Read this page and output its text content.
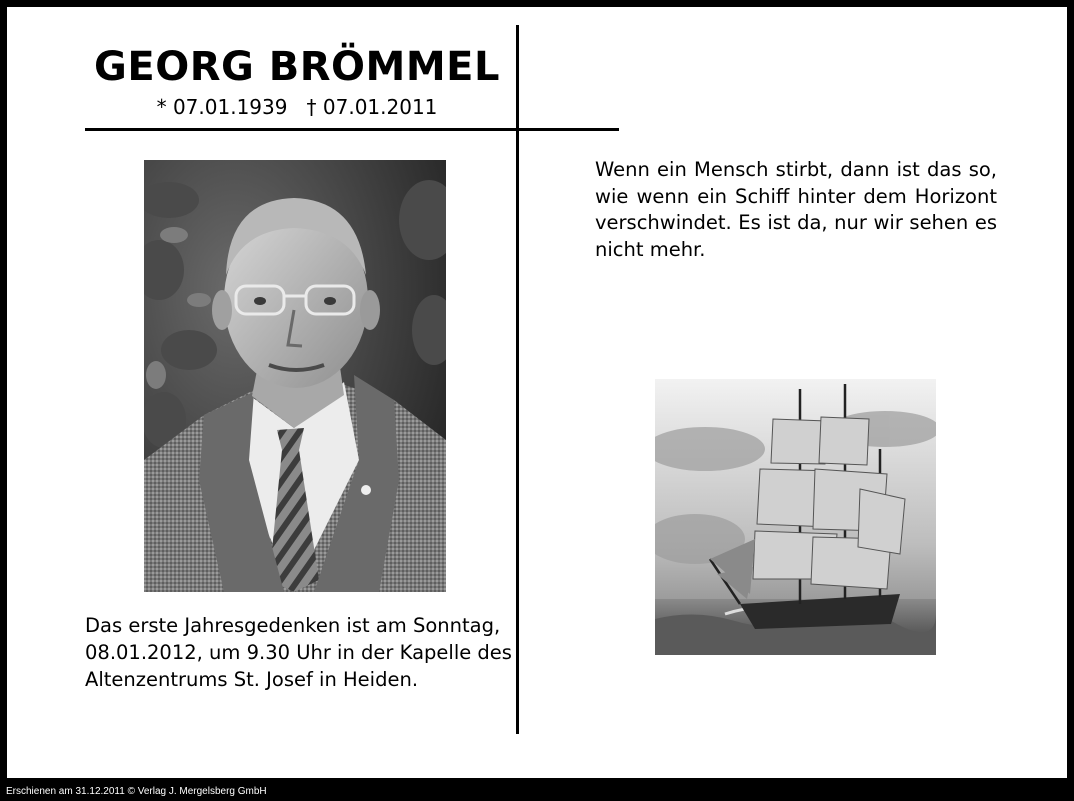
GEORG BRÖMMEL
* 07.01.1939   † 07.01.2011
Wenn ein Mensch stirbt, dann ist das so, wie wenn ein Schiff hinter dem Horizont verschwindet. Es ist da, nur wir sehen es nicht mehr.
Das erste Jahresgedenken ist am Sonntag, 08.01.2012, um 9.30 Uhr in der Kapelle des Altenzentrums St. Josef in Heiden.
Erschienen am 31.12.2011 © Verlag J. Mergelsberg GmbH
